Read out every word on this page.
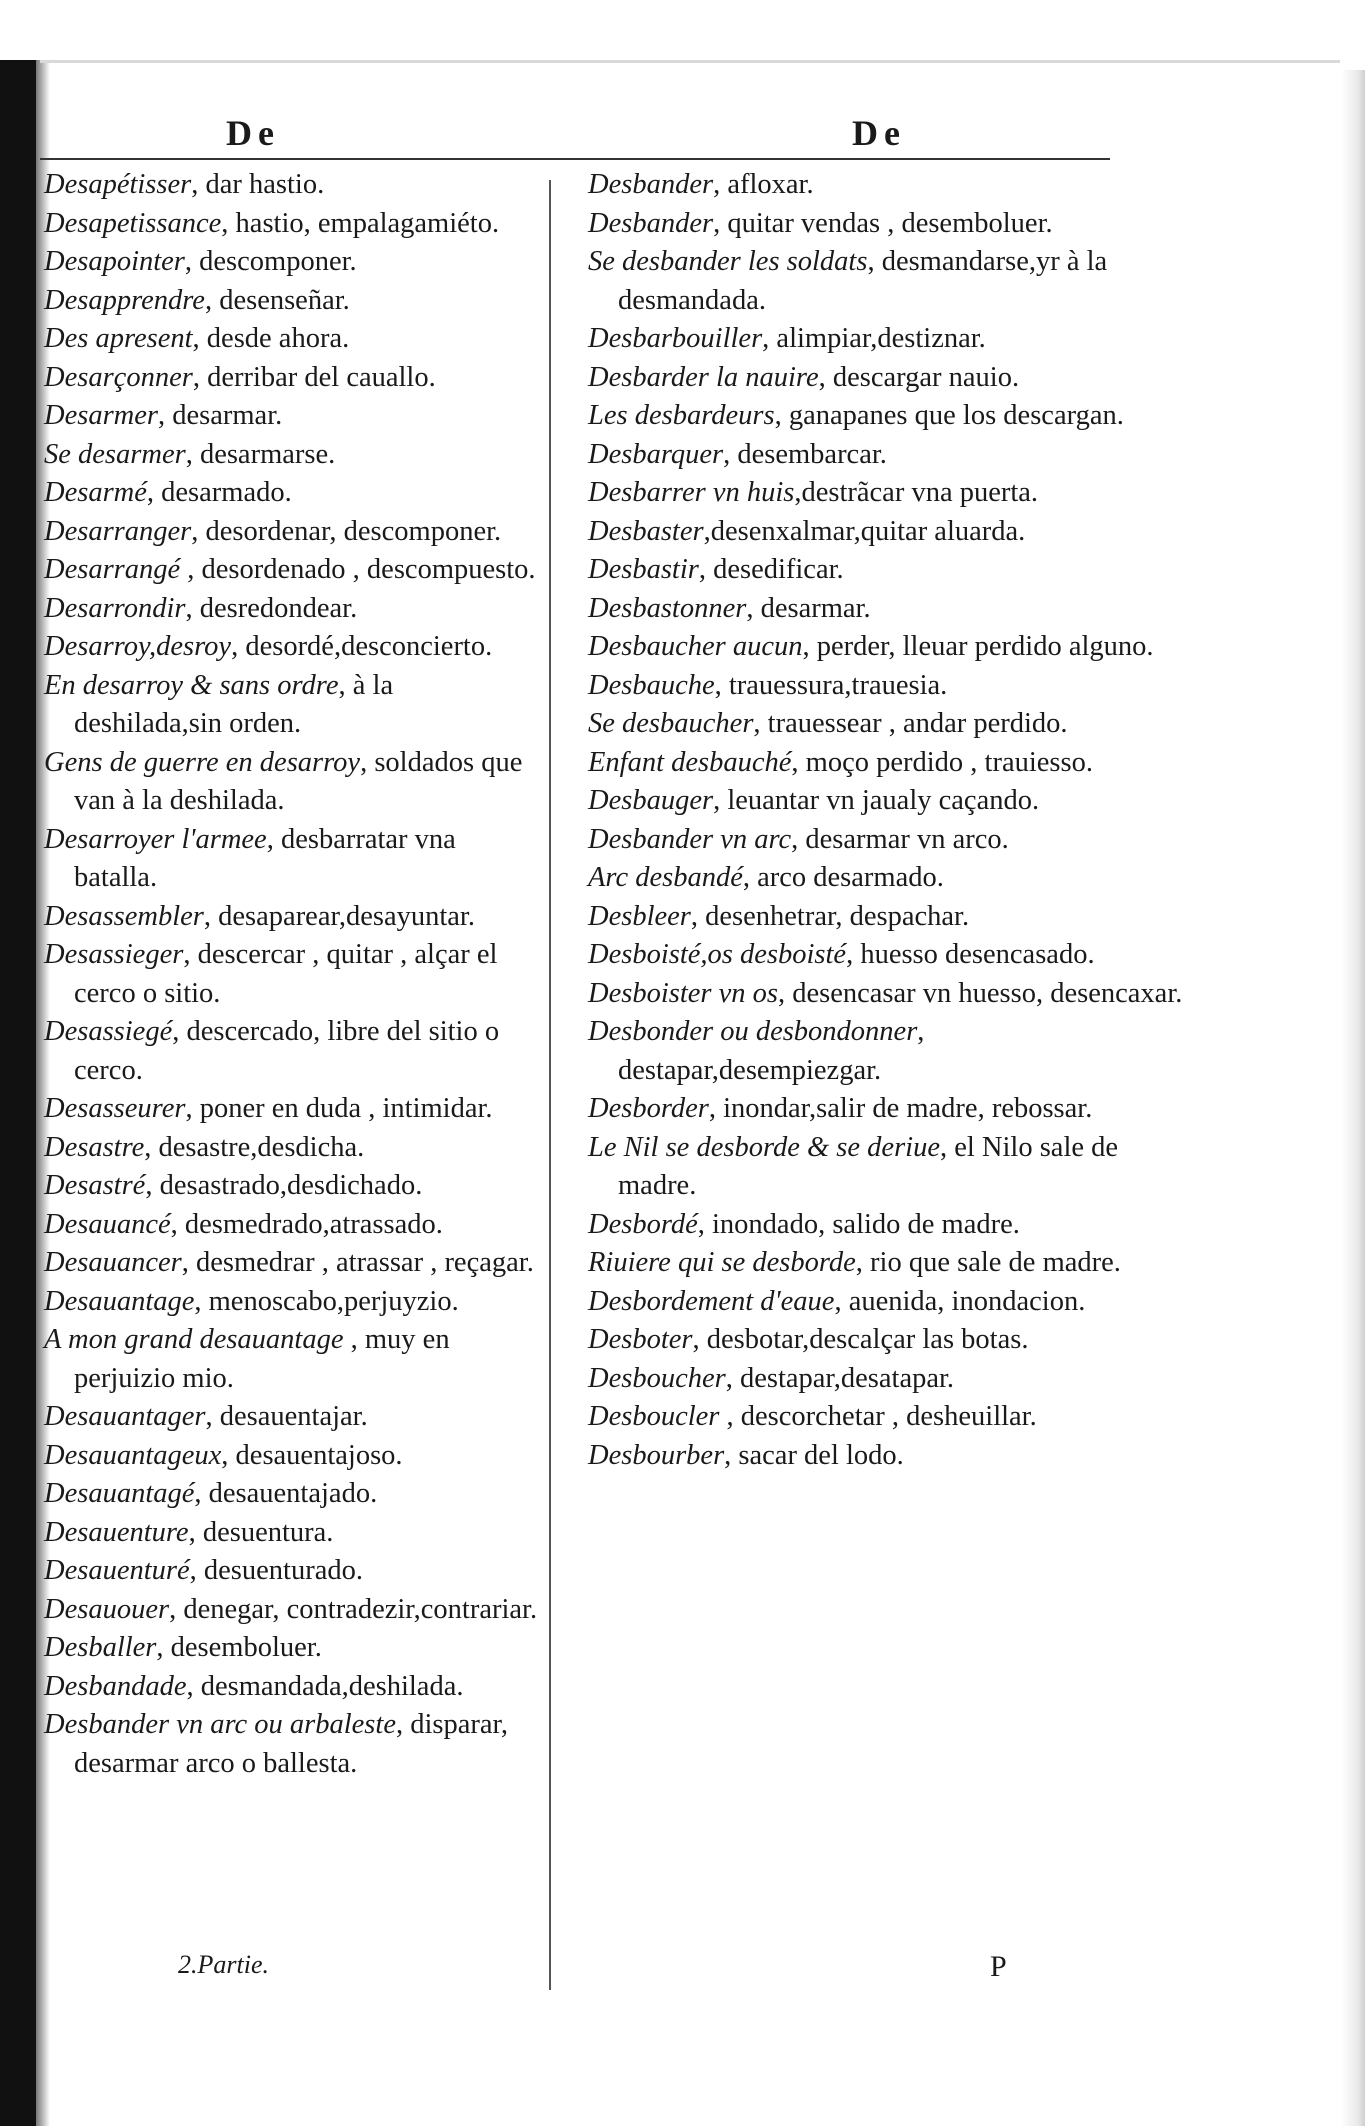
De	De

Desapétisser, dar hastio.

Desapetissance, hastio, empalagamiéto.

Desapointer, descomponer.

Desapprendre, desenseñar.

Des apresent, desde ahora.

Desarçonner, derribar del cauallo.

Desarmer, desarmar.

Se desarmer, desarmarse.

Desarmé, desarmado.

Desarranger, desordenar, descomponer.

Desarrangé , desordenado , descompuesto.

Desarrondir, desredondear.

Desarroy,desroy, desordé,desconcierto.

En desarroy & sans ordre, à la deshilada,sin orden.

Gens de guerre en desarroy, soldados que van à la deshilada.

Desarroyer l'armee, desbarratar vna batalla.

Desassembler, desaparear,desayuntar.

Desassieger, descercar , quitar , alçar el cerco o sitio.

Desassiegé, descercado, libre del sitio o cerco.

Desasseurer, poner en duda , intimidar.

Desastre, desastre,desdicha.

Desastré, desastrado,desdichado.

Desauancé, desmedrado,atrassado.

Desauancer, desmedrar , atrassar , reçagar.

Desauantage, menoscabo,perjuyzio.

A mon grand desauantage , muy en perjuizio mio.

Desauantager, desauentajar.

Desauantageux, desauentajoso.

Desauantagé, desauentajado.

Desauenture, desuentura.

Desauenturé, desuenturado.

Desauouer, denegar, contradezir,contrariar.

Desballer, desemboluer.

Desbandade, desmandada,deshilada.

Desbander vn arc ou arbaleste, disparar, desarmar arco o ballesta.

Desbander, afloxar.

Desbander, quitar vendas , desemboluer.

Se desbander les soldats, desmandarse,yr à la desmandada.

Desbarbouiller, alimpiar,destiznar.

Desbarder la nauire, descargar nauio.

Les desbardeurs, ganapanes que los descargan.

Desbarquer, desembarcar.

Desbarrer vn huis,destrãcar vna puerta.

Desbaster,desenxalmar,quitar aluarda.

Desbastir, desedificar.

Desbastonner, desarmar.

Desbaucher aucun, perder, lleuar perdido alguno.

Desbauche, trauessura,trauesia.

Se desbaucher, trauessear , andar perdido.

Enfant desbauché, moço perdido , trauiesso.

Desbauger, leuantar vn jaualy caçando.

Desbander vn arc, desarmar vn arco.

Arc desbandé, arco desarmado.

Desbleer, desenhetrar, despachar.

Desboisté,os desboisté, huesso desencasado.

Desboister vn os, desencasar vn huesso, desencaxar.

Desbonder ou desbondonner, destapar,desempiezgar.

Desborder, inondar,salir de madre, rebossar.

Le Nil se desborde & se deriue, el Nilo sale de madre.

Desbordé, inondado, salido de madre.

Riuiere qui se desborde, rio que sale de madre.

Desbordement d'eaue, auenida, inondacion.

Desboter, desbotar,descalçar las botas.

Desboucher, destapar,desatapar.

Desboucler , descorchetar , desheuillar.

Desbourber, sacar del lodo.

2.Partie.	P
